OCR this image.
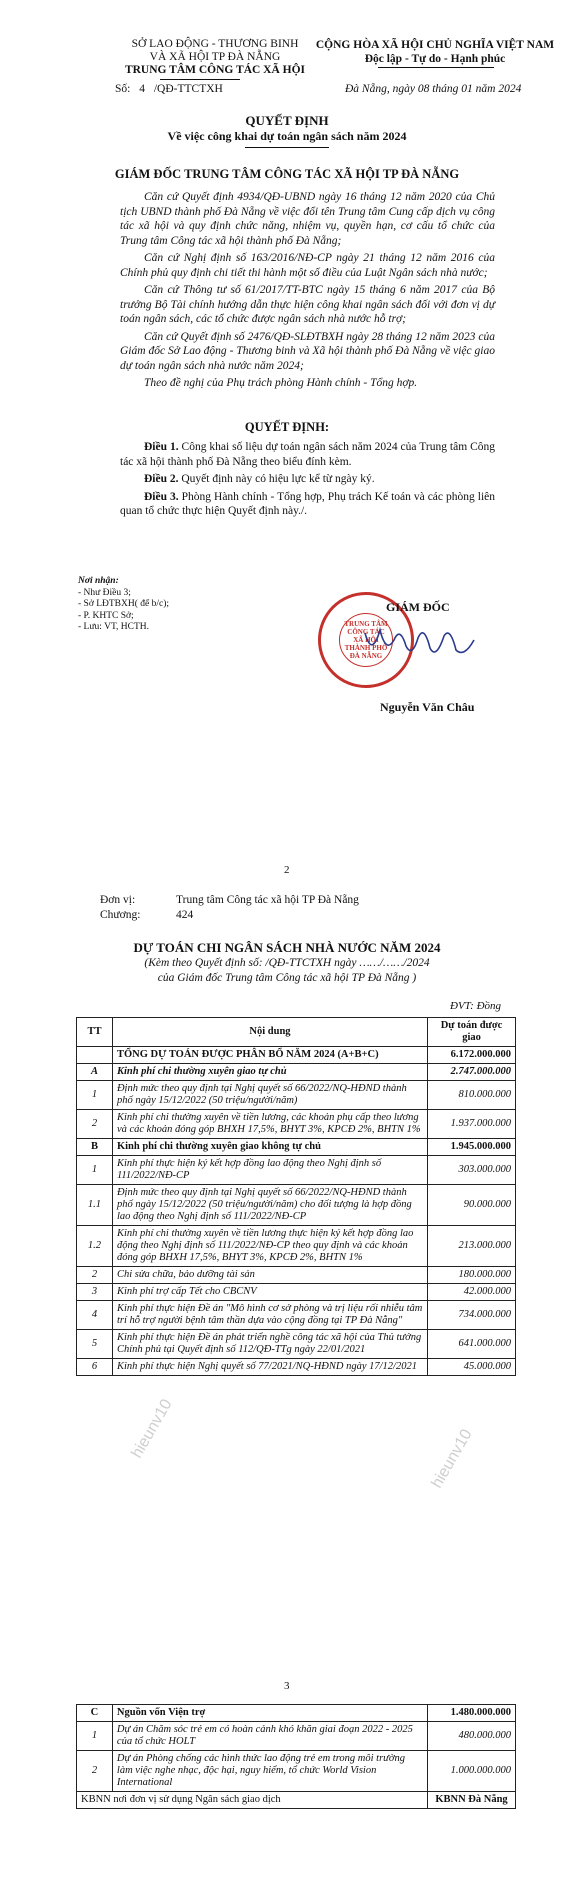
SỞ LAO ĐỘNG - THƯƠNG BINH
VÀ XÃ HỘI TP ĐÀ NẴNG
TRUNG TÂM CÔNG TÁC XÃ HỘI
CỘNG HÒA XÃ HỘI CHỦ NGHĨA VIỆT NAM
Độc lập - Tự do - Hạnh phúc
Số: 4 /QĐ-TTCTXH	Đà Nẵng, ngày 08 tháng 01 năm 2024
QUYẾT ĐỊNH
Về việc công khai dự toán ngân sách năm 2024
GIÁM ĐỐC TRUNG TÂM CÔNG TÁC XÃ HỘI TP ĐÀ NẴNG

Căn cứ Quyết định 4934/QĐ-UBND ngày 16 tháng 12 năm 2020 của Chủ tịch UBND thành phố Đà Nẵng về việc đổi tên Trung tâm Cung cấp dịch vụ công tác xã hội và quy định chức năng, nhiệm vụ, quyền hạn, cơ cấu tổ chức của Trung tâm Công tác xã hội thành phố Đà Nẵng;

Căn cứ Nghị định số 163/2016/NĐ-CP ngày 21 tháng 12 năm 2016 của Chính phủ quy định chi tiết thi hành một số điều của Luật Ngân sách nhà nước;

Căn cứ Thông tư số 61/2017/TT-BTC ngày 15 tháng 6 năm 2017 của Bộ trưởng Bộ Tài chính hướng dẫn thực hiện công khai ngân sách đối với đơn vị dự toán ngân sách, các tổ chức được ngân sách nhà nước hỗ trợ;

Căn cứ Quyết định số 2476/QĐ-SLĐTBXH ngày 28 tháng 12 năm 2023 của Giám đốc Sở Lao động - Thương binh và Xã hội thành phố Đà Nẵng về việc giao dự toán ngân sách nhà nước năm 2024;

Theo đề nghị của Phụ trách phòng Hành chính - Tổng hợp.

QUYẾT ĐỊNH:

Điều 1. Công khai số liệu dự toán ngân sách năm 2024 của Trung tâm Công tác xã hội thành phố Đà Nẵng theo biểu đính kèm.

Điều 2. Quyết định này có hiệu lực kể từ ngày ký.

Điều 3. Phòng Hành chính - Tổng hợp, Phụ trách Kế toán và các phòng liên quan tổ chức thực hiện Quyết định này./.

Nơi nhận:
- Như Điều 3;
- Sở LĐTBXH( để b/c);
- P. KHTC Sở;
- Lưu: VT, HCTH.	TRUNG TÂM
CÔNG TÁC
XÃ HỘI
THÀNH PHỐ
ĐÀ NẴNG
GIÁM ĐỐC
Nguyễn Văn Châu
2
Đơn vị:	Trung tâm Công tác xã hội TP Đà Nẵng
Chương:	424
DỰ TOÁN CHI NGÂN SÁCH NHÀ NƯỚC NĂM 2024
(Kèm theo Quyết định số: /QĐ-TTCTXH ngày ……/……/2024
của Giám đốc Trung tâm Công tác xã hội TP Đà Nẵng )
ĐVT: Đồng
TT	Nội dung	Dự toán được giao
	TỔNG DỰ TOÁN ĐƯỢC PHÂN BỔ NĂM 2024 (A+B+C)	6.172.000.000
A	Kinh phí chi thường xuyên giao tự chủ	2.747.000.000
1	Định mức theo quy định tại Nghị quyết số 66/2022/NQ-HĐND thành phố ngày 15/12/2022 (50 triệu/người/năm)	810.000.000
2	Kinh phí chi thường xuyên về tiền lương, các khoản phụ cấp theo lương và các khoản đóng góp BHXH 17,5%, BHYT 3%, KPCĐ 2%, BHTN 1%	1.937.000.000
B	Kinh phí chi thường xuyên giao không tự chủ	1.945.000.000
1	Kinh phí thực hiện ký kết hợp đồng lao động theo Nghị định số 111/2022/NĐ-CP	303.000.000
1.1	Định mức theo quy định tại Nghị quyết số 66/2022/NQ-HĐND thành phố ngày 15/12/2022 (50 triệu/người/năm) cho đối tượng là hợp đồng lao động theo Nghị định số 111/2022/NĐ-CP	90.000.000
1.2	Kinh phí chi thường xuyên về tiền lương thực hiện ký kết hợp đồng lao động theo Nghị định số 111/2022/NĐ-CP theo quy định và các khoản đóng góp BHXH 17,5%, BHYT 3%, KPCĐ 2%, BHTN 1%	213.000.000
2	Chi sửa chữa, bảo dưỡng tài sản	180.000.000
3	Kinh phí trợ cấp Tết cho CBCNV	42.000.000
4	Kinh phí thực hiện Đề án "Mô hình cơ sở phòng và trị liệu rối nhiễu tâm trí hỗ trợ người bệnh tâm thần dựa vào cộng đồng tại TP Đà Nẵng"	734.000.000
5	Kinh phí thực hiện Đề án phát triển nghề công tác xã hội của Thủ tướng Chính phủ tại Quyết định số 112/QĐ-TTg ngày 22/01/2021	641.000.000
6	Kinh phí thực hiện Nghị quyết số 77/2021/NQ-HĐND ngày 17/12/2021	45.000.000
hieunv10	hieunv10
3
C	Nguồn vốn Viện trợ	1.480.000.000
1	Dự án Chăm sóc trẻ em có hoàn cảnh khó khăn giai đoạn 2022 - 2025 của tổ chức HOLT	480.000.000
2	Dự án Phòng chống các hình thức lao động trẻ em trong môi trường làm việc nghe nhạc, độc hại, nguy hiểm, tổ chức World Vision International	1.000.000.000
KBNN nơi đơn vị sử dụng Ngân sách giao dịch		KBNN Đà Nẵng
